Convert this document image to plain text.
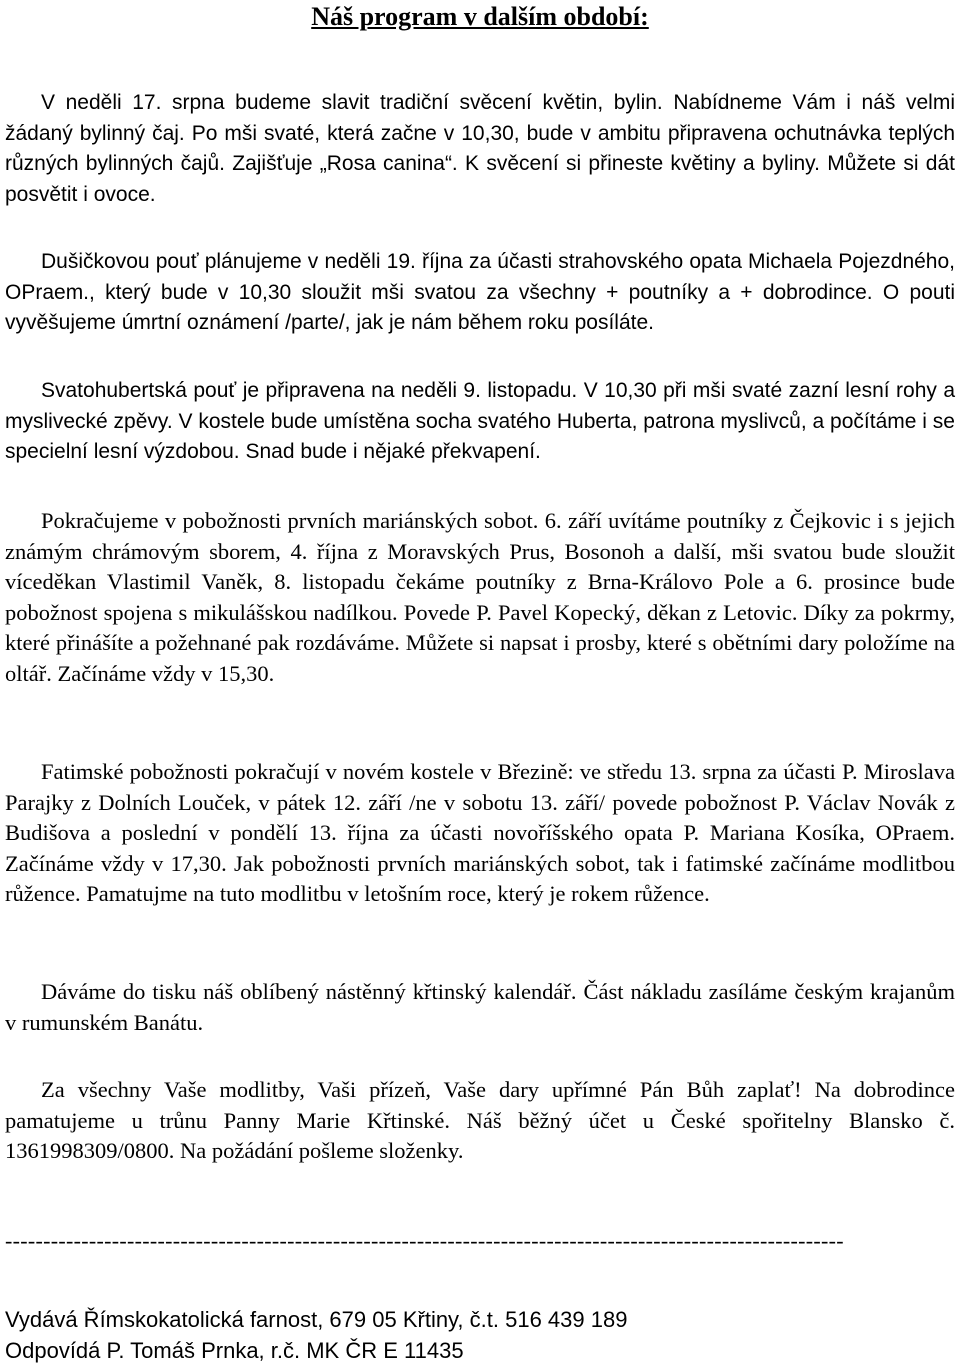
Náš program v dalším období:

V neděli 17. srpna budeme slavit tradiční svěcení květin, bylin. Nabídneme Vám i náš velmi žádaný bylinný čaj. Po mši svaté, která začne v 10,30, bude v ambitu připravena ochutnávka teplých různých bylinných čajů. Zajišťuje „Rosa canina“. K svěcení si přineste květiny a byliny. Můžete si dát posvětit i ovoce.

Dušičkovou pouť plánujeme v neděli 19. října za účasti strahovského opata Michaela Pojezdného, OPraem., který bude v 10,30 sloužit mši svatou za všechny + poutníky a + dobrodince. O pouti vyvěšujeme úmrtní oznámení /parte/, jak je nám během roku posíláte.

Svatohubertská pouť je připravena na neděli 9. listopadu. V 10,30 při mši svaté zazní lesní rohy a myslivecké zpěvy. V kostele bude umístěna socha svatého Huberta, patrona myslivců, a počítáme i se specielní lesní výzdobou. Snad bude i nějaké překvapení.

Pokračujeme v pobožnosti prvních mariánských sobot. 6. září uvítáme poutníky z Čejkovic i s jejich známým chrámovým sborem, 4. října z Moravských Prus, Bosonoh a další, mši svatou bude sloužit víceděkan Vlastimil Vaněk, 8. listopadu čekáme poutníky z Brna-Královo Pole a 6. prosince bude pobožnost spojena s mikulášskou nadílkou. Povede P. Pavel Kopecký, děkan z Letovic. Díky za pokrmy, které přinášíte a požehnané pak rozdáváme. Můžete si napsat i prosby, které s obětními dary položíme na oltář. Začínáme vždy v 15,30.

Fatimské pobožnosti pokračují v novém kostele v Březině: ve středu 13. srpna za účasti P. Miroslava Parajky z Dolních Louček, v pátek 12. září /ne v sobotu 13. září/ povede pobožnost P. Václav Novák z Budišova a poslední v pondělí 13. října za účasti novoříšského opata P. Mariana Kosíka, OPraem. Začínáme vždy v 17,30. Jak pobožnosti prvních mariánských sobot, tak i fatimské začínáme modlitbou růžence. Pamatujme na tuto modlitbu v letošním roce, který je rokem růžence.

Dáváme do tisku náš oblíbený nástěnný křtinský kalendář. Část nákladu zasíláme českým krajanům v rumunském Banátu.

Za všechny Vaše modlitby, Vaši přízeň, Vaše dary upřímné Pán Bůh zaplať! Na dobrodince pamatujeme u trůnu Panny Marie Křtinské. Náš běžný účet u České spořitelny Blansko č. 1361998309/0800. Na požádání pošleme složenky.

--------------------------------------------------------------------------------------------------------------

Vydává Římskokatolická farnost, 679 05 Křtiny, č.t. 516 439 189

Odpovídá P. Tomáš Prnka, r.č. MK ČR E 11435
